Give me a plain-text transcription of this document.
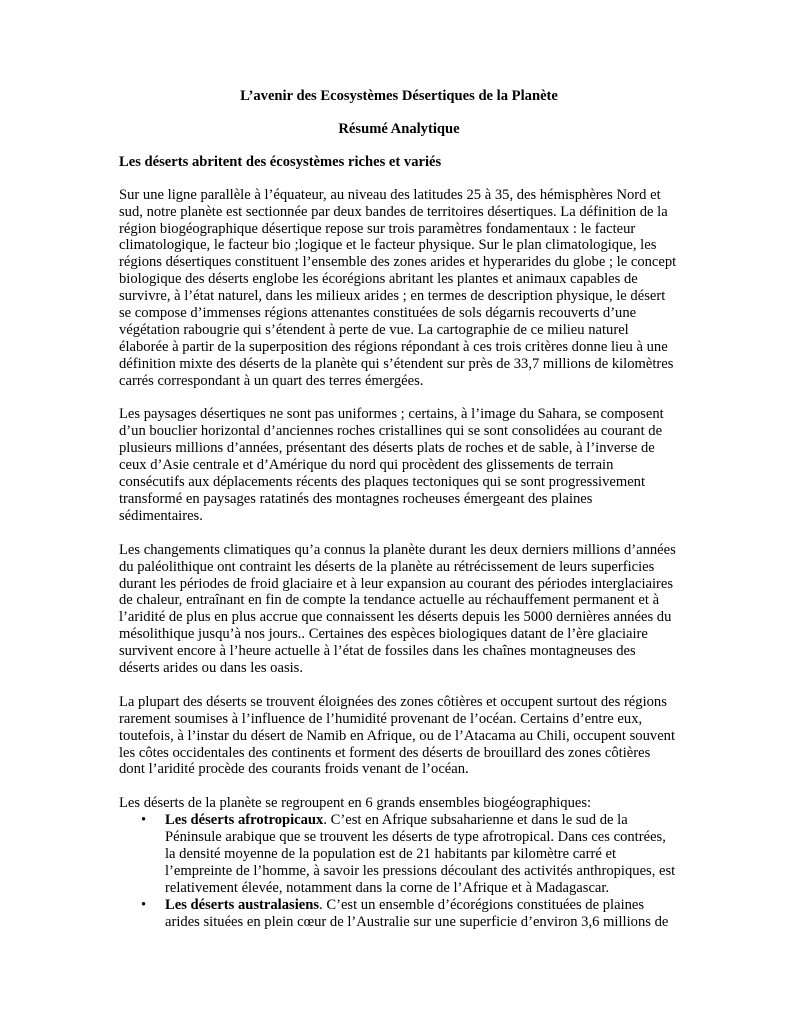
L’avenir des Ecosystèmes Désertiques de la Planète

Résumé Analytique

Les déserts abritent des écosystèmes riches et variés

Sur une ligne parallèle à l’équateur, au niveau des latitudes 25 à 35, des hémisphères Nord et sud, notre planète est sectionnée par deux bandes de territoires désertiques. La définition de la région biogéographique désertique repose sur trois paramètres fondamentaux : le facteur climatologique, le facteur bio ;logique et le facteur physique. Sur le plan climatologique, les régions désertiques constituent l’ensemble des zones arides et hyperarides du globe ; le concept biologique des déserts englobe les écorégions abritant les plantes et animaux capables de survivre, à l’état naturel, dans les milieux arides ; en termes de description physique, le désert se compose d’immenses régions attenantes constituées de sols dégarnis recouverts d’une végétation rabougrie qui s’étendent à perte de vue. La cartographie de ce milieu naturel élaborée à partir de la superposition des régions répondant à ces trois critères donne lieu à une définition mixte des déserts de la planète qui s’étendent sur près de 33,7 millions de kilomètres carrés correspondant à un quart des terres émergées.

Les paysages désertiques ne sont pas uniformes ; certains, à l’image du Sahara, se composent d’un bouclier horizontal d’anciennes roches cristallines qui se sont consolidées au courant de plusieurs millions d’années, présentant des déserts plats de roches et de sable, à l’inverse de ceux d’Asie centrale et d’Amérique du nord qui procèdent des glissements de terrain consécutifs aux déplacements récents des plaques tectoniques qui se sont progressivement transformé en paysages ratatinés des montagnes rocheuses émergeant des plaines sédimentaires.

Les changements climatiques qu’a connus la planète durant les deux derniers millions d’années du paléolithique ont contraint les déserts de la planète au rétrécissement de leurs superficies durant les périodes de froid glaciaire et à leur expansion au courant des périodes interglaciaires de chaleur, entraînant en fin de compte la tendance actuelle au réchauffement permanent et à l’aridité de plus en plus accrue que connaissent les déserts depuis les 5000 dernières années du mésolithique jusqu’à nos jours.. Certaines des espèces biologiques datant de l’ère glaciaire survivent encore à l’heure actuelle à l’état de fossiles dans les chaînes montagneuses des déserts arides ou dans les oasis.

La plupart des déserts se trouvent éloignées des zones côtières et occupent surtout des régions rarement soumises à l’influence de l’humidité provenant de l’océan. Certains d’entre eux, toutefois, à l’instar du désert de Namib en Afrique, ou de l’Atacama au Chili, occupent souvent les côtes occidentales des continents et forment des déserts de brouillard des zones côtières dont l’aridité procède des courants froids venant de l’océan.

Les déserts de la planète se regroupent en 6 grands ensembles biogéographiques:

• Les déserts afrotropicaux. C’est en Afrique subsaharienne et dans le sud de la Péninsule arabique que se trouvent les déserts de type afrotropical. Dans ces contrées, la densité moyenne de la population est de 21 habitants par kilomètre carré et l’empreinte de l’homme, à savoir les pressions découlant des activités anthropiques, est relativement élevée, notamment dans la corne de l’Afrique et à Madagascar.
• Les déserts australasiens. C’est un ensemble d’écorégions constituées de plaines arides situées en plein cœur de l’Australie sur une superficie d’environ 3,6 millions de
